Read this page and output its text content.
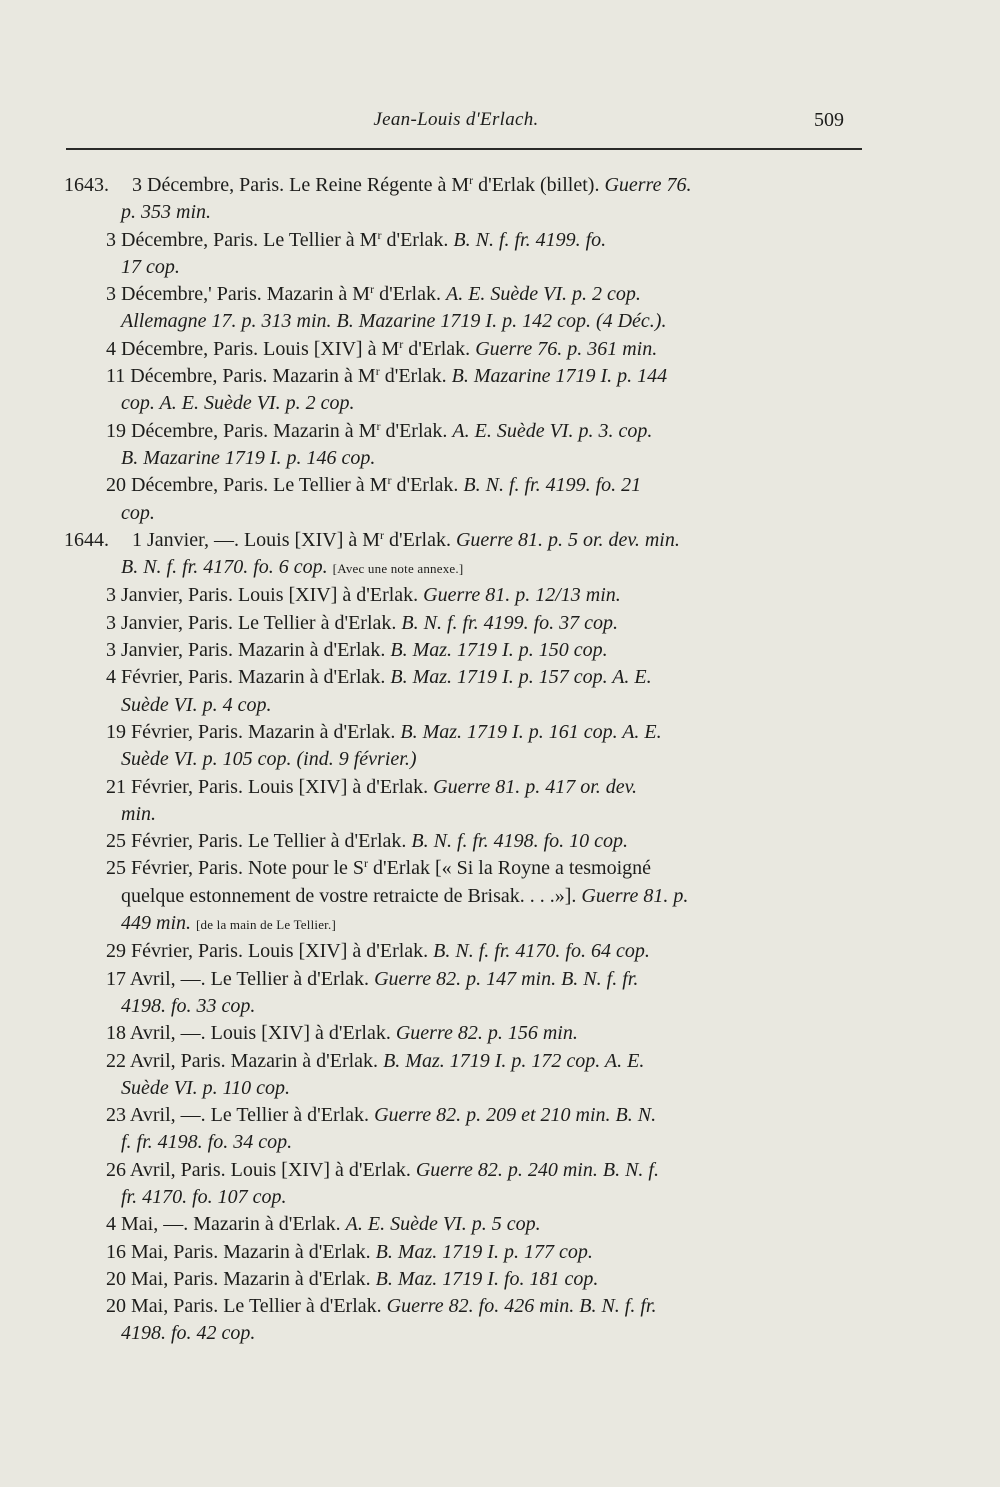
Jean-Louis d'Erlach.	509
1643.	3 Décembre, Paris. Le Reine Régente à $M^r$ d'Erlak (billet). Guerre 76.
p. 353 min.
3 Décembre, Paris. Le Tellier à $M^r$ d'Erlak. B. N. f. fr. 4199. fo.
17 cop.
3 Décembre,' Paris. Mazarin à $M^r$ d'Erlak. A. E. Suède VI. p. 2 cop.
Allemagne 17. p. 313 min. B. Mazarine 1719 I. p. 142 cop. (4 Déc.).
4 Décembre, Paris. Louis [XIV] à $M^r$ d'Erlak. Guerre 76. p. 361 min.
11 Décembre, Paris. Mazarin à $M^r$ d'Erlak. B. Mazarine 1719 I. p. 144
cop. A. E. Suède VI. p. 2 cop.
19 Décembre, Paris. Mazarin à $M^r$ d'Erlak. A. E. Suède VI. p. 3. cop.
B. Mazarine 1719 I. p. 146 cop.
20 Décembre, Paris. Le Tellier à $M^r$ d'Erlak. B. N. f. fr. 4199. fo. 21
cop.
1644.	1 Janvier, —. Louis [XIV] à $M^r$ d'Erlak. Guerre 81. p. 5 or. dev. min.
B. N. f. fr. 4170. fo. 6 cop. [Avec une note annexe.]
3 Janvier, Paris. Louis [XIV] à d'Erlak. Guerre 81. p. 12/13 min.
3 Janvier, Paris. Le Tellier à d'Erlak. B. N. f. fr. 4199. fo. 37 cop.
3 Janvier, Paris. Mazarin à d'Erlak. B. Maz. 1719 I. p. 150 cop.
4 Février, Paris. Mazarin à d'Erlak. B. Maz. 1719 I. p. 157 cop. A. E.
Suède VI. p. 4 cop.
19 Février, Paris. Mazarin à d'Erlak. B. Maz. 1719 I. p. 161 cop. A. E.
Suède VI. p. 105 cop. (ind. 9 février.)
21 Février, Paris. Louis [XIV] à d'Erlak. Guerre 81. p. 417 or. dev.
min.
25 Février, Paris. Le Tellier à d'Erlak. B. N. f. fr. 4198. fo. 10 cop.
25 Février, Paris. Note pour le $S^r$ d'Erlak [« Si la Royne a tesmoigné
quelque estonnement de vostre retraicte de Brisak. . . .»]. Guerre 81. p.
449 min. [de la main de Le Tellier.]
29 Février, Paris. Louis [XIV] à d'Erlak. B. N. f. fr. 4170. fo. 64 cop.
17 Avril, —. Le Tellier à d'Erlak. Guerre 82. p. 147 min. B. N. f. fr.
4198. fo. 33 cop.
18 Avril, —. Louis [XIV] à d'Erlak. Guerre 82. p. 156 min.
22 Avril, Paris. Mazarin à d'Erlak. B. Maz. 1719 I. p. 172 cop. A. E.
Suède VI. p. 110 cop.
23 Avril, —. Le Tellier à d'Erlak. Guerre 82. p. 209 et 210 min. B. N.
f. fr. 4198. fo. 34 cop.
26 Avril, Paris. Louis [XIV] à d'Erlak. Guerre 82. p. 240 min. B. N. f.
fr. 4170. fo. 107 cop.
4 Mai, —. Mazarin à d'Erlak. A. E. Suède VI. p. 5 cop.
16 Mai, Paris. Mazarin à d'Erlak. B. Maz. 1719 I. p. 177 cop.
20 Mai, Paris. Mazarin à d'Erlak. B. Maz. 1719 I. fo. 181 cop.
20 Mai, Paris. Le Tellier à d'Erlak. Guerre 82. fo. 426 min. B. N. f. fr.
4198. fo. 42 cop.
